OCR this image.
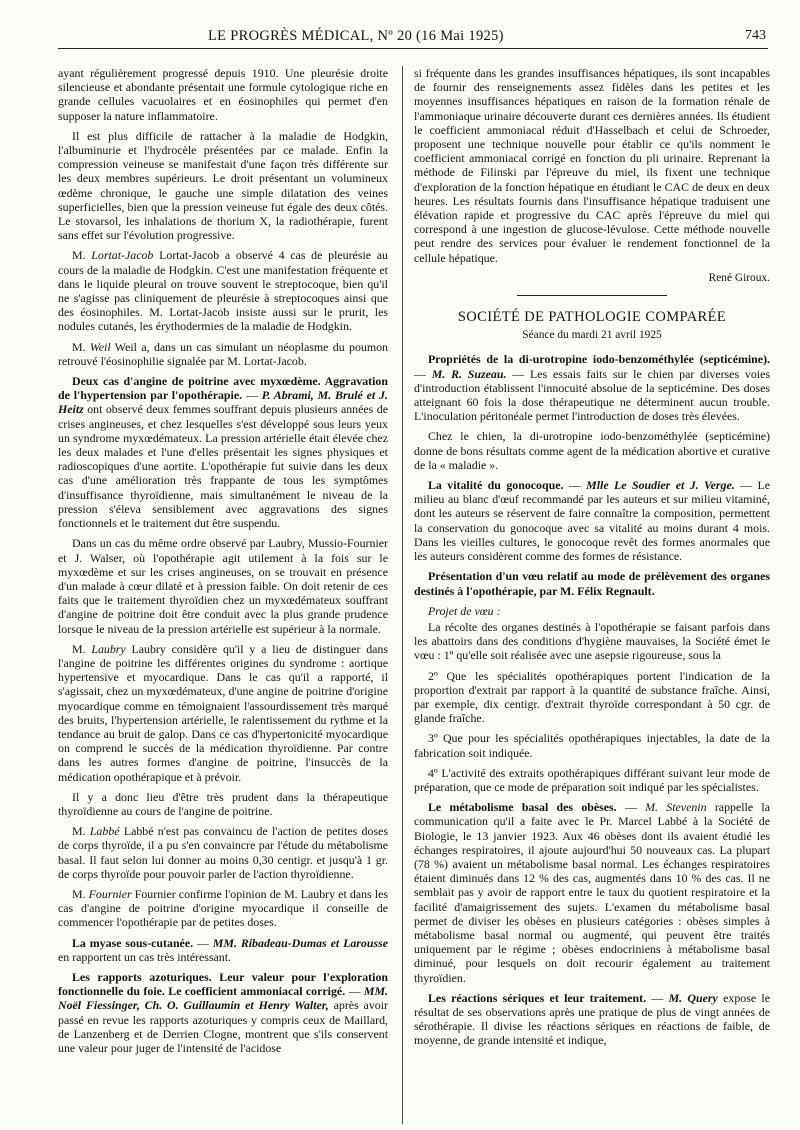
LE PROGRÈS MÉDICAL, Nº 20 (16 Mai 1925)	743

ayant régulièrement progressé depuis 1910. Une pleurésie droite silencieuse et abondante présentait une formule cytologique riche en grande cellules vacuolaires et en éosinophiles qui permet d'en supposer la nature inflammatoire.

Il est plus difficile de rattacher à la maladie de Hodgkin, l'albuminurie et l'hydrocèle présentées par ce malade. Enfin la compression veineuse se manifestait d'une façon très différente sur les deux membres supérieurs. Le droit présentant un volumineux œdème chronique, le gauche une simple dilatation des veines superficielles, bien que la pression veineuse fut égale des deux côtés. Le stovarsol, les inhalations de thorium X, la radiothérapie, furent sans effet sur l'évolution progressive.

M. Lortat-Jacob Lortat-Jacob a observé 4 cas de pleurésie au cours de la maladie de Hodgkin. C'est une manifestation fréquente et dans le liquide pleural on trouve souvent le streptocoque, bien qu'il ne s'agisse pas cliniquement de pleurésie à streptocoques ainsi que des éosinophiles. M. Lortat-Jacob insiste aussi sur le prurit, les nodules cutanés, les érythodermies de la maladie de Hodgkin.

M. Weil Weil a, dans un cas simulant un néoplasme du poumon retrouvé l'éosinophilie signalée par M. Lortat-Jacob.

Deux cas d'angine de poitrine avec myxœdème. Aggravation de l'hypertension par l'opothérapie. — P. Abrami, M. Brulé et J. Heitz ont observé deux femmes souffrant depuis plusieurs années de crises angineuses, et chez lesquelles s'est développé sous leurs yeux un syndrome myxœdémateux. La pression artérielle était élevée chez les deux malades et l'une d'elles présentait les signes physiques et radioscopiques d'une aortite. L'opothérapie fut suivie dans les deux cas d'une amélioration très frappante de tous les symptômes d'insuffisance thyroïdienne, mais simultanément le niveau de la pression s'éleva sensiblement avec aggravations des signes fonctionnels et le traitement dut être suspendu.

Dans un cas du même ordre observé par Laubry, Mussio-Fournier et J. Walser, où l'opothérapie agit utilement à la fois sur le myxœdème et sur les crises angineuses, on se trouvait en présence d'un malade à cœur dilaté et à pression faible. On doit retenir de ces faits que le traitement thyroïdien chez un myxœdémateux souffrant d'angine de poitrine doit être conduit avec la plus grande prudence lorsque le niveau de la pression artérielle est supérieur à la normale.

M. Laubry Laubry considère qu'il y a lieu de distinguer dans l'angine de poitrine les différentes origines du syndrome : aortique hypertensive et myocardique. Dans le cas qu'il a rapporté, il s'agissait, chez un myxœdémateux, d'une angine de poitrine d'origine myocardique comme en témoignaient l'assourdissement très marqué des bruits, l'hypertension artérielle, le ralentissement du rythme et la tendance au bruit de galop. Dans ce cas d'hypertonicité myocardique on comprend le succès de la médication thyroïdienne. Par contre dans les autres formes d'angine de poitrine, l'insuccès de la médication opothérapique et à prévoir.

Il y a donc lieu d'être très prudent dans la thérapeutique thyroïdienne au cours de l'angine de poitrine.

M. Labbé Labbé n'est pas convaincu de l'action de petites doses de corps thyroïde, il a pu s'en convaincre par l'étude du métabolisme basal. Il faut selon lui donner au moins 0,30 centigr. et jusqu'à 1 gr. de corps thyroïde pour pouvoir parler de l'action thyroïdienne.

M. Fournier Fournier confirme l'opinion de M. Laubry et dans les cas d'angine de poitrine d'origine myocardique il conseille de commencer l'opothérapie par de petites doses.

La myase sous-cutanée. — MM. Ribadeau-Dumas et Larousse en rapportent un cas très intéressant.

Les rapports azoturiques. Leur valeur pour l'exploration fonctionnelle du foie. Le coefficient ammoniacal corrigé. — MM. Noël Fiessinger, Ch. O. Guillaumin et Henry Walter, après avoir passé en revue les rapports azoturiques y compris ceux de Maillard, de Lanzenberg et de Derrien Clogne, montrent que s'ils conservent une valeur pour juger de l'intensité de l'acidose

si fréquente dans les grandes insuffisances hépatiques, ils sont incapables de fournir des renseignements assez fidèles dans les petites et les moyennes insuffisances hépatiques en raison de la formation rénale de l'ammoniaque urinaire découverte durant ces dernières années. Ils étudient le coefficient ammoniacal réduit d'Hasselbach et celui de Schroeder, proposent une technique nouvelle pour établir ce qu'ils nomment le coefficient ammoniacal corrigé en fonction du pli urinaire. Reprenant la méthode de Filinski par l'épreuve du miel, ils fixent une technique d'exploration de la fonction hépatique en étudiant le CAC de deux en deux heures. Les résultats fournis dans l'insuffisance hépatique traduisent une élévation rapide et progressive du CAC après l'épreuve du miel qui correspond à une ingestion de glucose-lévulose. Cette méthode nouvelle peut rendre des services pour évaluer le rendement fonctionnel de la cellule hépatique.

René Giroux.
SOCIÉTÉ DE PATHOLOGIE COMPARÉE
Séance du mardi 21 avril 1925

Propriétés de la di-urotropine iodo-benzométhylée (septicémine). — M. R. Suzeau. — Les essais faits sur le chien par diverses voies d'introduction établissent l'innocuité absolue de la septicémine. Des doses atteignant 60 fois la dose thérapeutique ne déterminent aucun trouble. L'inoculation péritonéale permet l'introduction de doses très élevées.

Chez le chien, la di-urotropine iodo-benzométhylée (septicémine) donne de bons résultats comme agent de la médication abortive et curative de la « maladie ».

La vitalité du gonocoque. — Mlle Le Soudier et J. Verge. — Le milieu au blanc d'œuf recommandé par les auteurs et sur milieu vitaminé, dont les auteurs se réservent de faire connaître la composition, permettent la conservation du gonocoque avec sa vitalité au moins durant 4 mois. Dans les vieilles cultures, le gonocoque revêt des formes anormales que les auteurs considèrent comme des formes de résistance.

Présentation d'un vœu relatif au mode de prélèvement des organes destinés à l'opothérapie, par M. Félix Regnault.

Projet de vœu :

La récolte des organes destinés à l'opothérapie se faisant parfois dans les abattoirs dans des conditions d'hygiène mauvaises, la Société émet le vœu : 1º qu'elle soit réalisée avec une asepsie rigoureuse, sous la

2º Que les spécialités opothérapiques portent l'indication de la proportion d'extrait par rapport à la quantité de substance fraîche. Ainsi, par exemple, dix centigr. d'extrait thyroïde correspondant à 50 cgr. de glande fraîche.

3º Que pour les spécialités opothérapiques injectables, la date de la fabrication soit indiquée.

4º L'activité des extraits opothérapiques différant suivant leur mode de préparation, que ce mode de préparation soit indiqué par les spécialistes.

Le métabolisme basal des obèses. — M. Stevenin rappelle la communication qu'il a faite avec le Pr. Marcel Labbé à la Société de Biologie, le 13 janvier 1923. Aux 46 obèses dont ils avaient étudié les échanges respiratoires, il ajoute aujourd'hui 50 nouveaux cas. La plupart (78 %) avaient un métabolisme basal normal. Les échanges respiratoires étaient diminués dans 12 % des cas, augmentés dans 10 % des cas. Il ne semblait pas y avoir de rapport entre le taux du quotient respiratoire et la facilité d'amaigrissement des sujets. L'examen du métabolisme basal permet de diviser les obèses en plusieurs catégories : obèses simples à métabolisme basal normal ou augmenté, qui peuvent être traités uniquement par le régime ; obèses endocriniens à métabolisme basal diminué, pour lesquels on doit recourir également au traitement thyroïdien.

Les réactions sériques et leur traitement. — M. Query expose le résultat de ses observations après une pratique de plus de vingt années de sérothérapie. Il divise les réactions sériques en réactions de faible, de moyenne, de grande intensité et indique,
